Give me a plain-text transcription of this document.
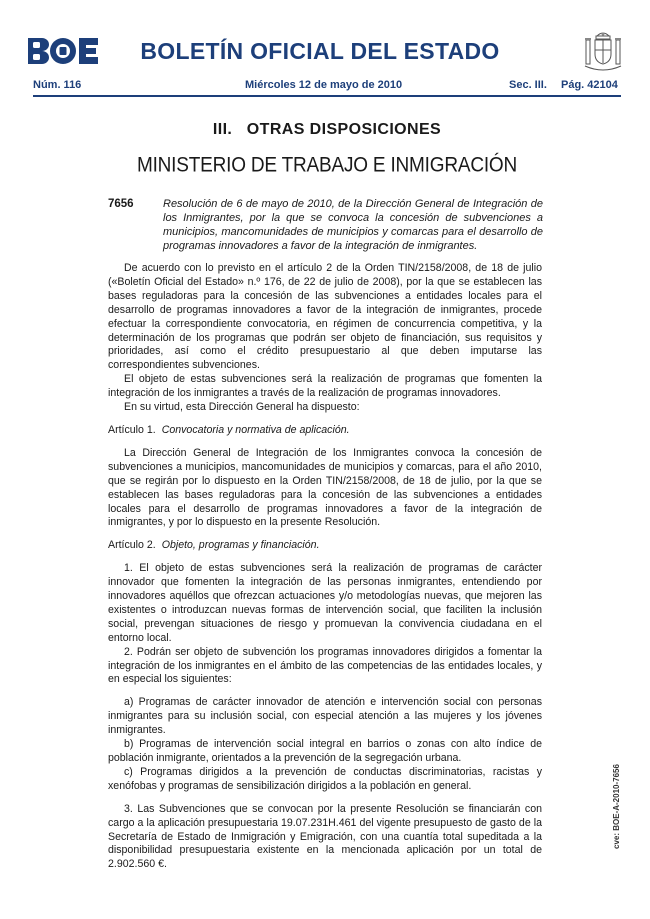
BOLETÍN OFICIAL DEL ESTADO
Núm. 116	Miércoles 12 de mayo de 2010	Sec. III. Pág. 42104
III.   OTRAS DISPOSICIONES
MINISTERIO DE TRABAJO E INMIGRACIÓN
7656	Resolución de 6 de mayo de 2010, de la Dirección General de Integración de los Inmigrantes, por la que se convoca la concesión de subvenciones a municipios, mancomunidades de municipios y comarcas para el desarrollo de programas innovadores a favor de la integración de inmigrantes.

De acuerdo con lo previsto en el artículo 2 de la Orden TIN/2158/2008, de 18 de julio («Boletín Oficial del Estado» n.º 176, de 22 de julio de 2008), por la que se establecen las bases reguladoras para la concesión de las subvenciones a entidades locales para el desarrollo de programas innovadores a favor de la integración de inmigrantes, procede efectuar la correspondiente convocatoria, en régimen de concurrencia competitiva, y la determinación de los programas que podrán ser objeto de financiación, sus requisitos y prioridades, así como el crédito presupuestario al que deben imputarse las correspondientes subvenciones.

El objeto de estas subvenciones será la realización de programas que fomenten la integración de los inmigrantes a través de la realización de programas innovadores.

En su virtud, esta Dirección General ha dispuesto:

Artículo 1. Convocatoria y normativa de aplicación.

La Dirección General de Integración de los Inmigrantes convoca la concesión de subvenciones a municipios, mancomunidades de municipios y comarcas, para el año 2010, que se regirán por lo dispuesto en la Orden TIN/2158/2008, de 18 de julio, por la que se establecen las bases reguladoras para la concesión de las subvenciones a entidades locales para el desarrollo de programas innovadores a favor de la integración de inmigrantes, y por lo dispuesto en la presente Resolución.

Artículo 2. Objeto, programas y financiación.

1. El objeto de estas subvenciones será la realización de programas de carácter innovador que fomenten la integración de las personas inmigrantes, entendiendo por innovadores aquéllos que ofrezcan actuaciones y/o metodologías nuevas, que mejoren las existentes o introduzcan nuevas formas de intervención social, que faciliten la inclusión social, prevengan situaciones de riesgo y promuevan la convivencia ciudadana en el entorno local.

2. Podrán ser objeto de subvención los programas innovadores dirigidos a fomentar la integración de los inmigrantes en el ámbito de las competencias de las entidades locales, y en especial los siguientes:

a) Programas de carácter innovador de atención e intervención social con personas inmigrantes para su inclusión social, con especial atención a las mujeres y los jóvenes inmigrantes.

b) Programas de intervención social integral en barrios o zonas con alto índice de población inmigrante, orientados a la prevención de la segregación urbana.

c) Programas dirigidos a la prevención de conductas discriminatorias, racistas y xenófobas y programas de sensibilización dirigidos a la población en general.

3. Las Subvenciones que se convocan por la presente Resolución se financiarán con cargo a la aplicación presupuestaria 19.07.231H.461 del vigente presupuesto de gasto de la Secretaría de Estado de Inmigración y Emigración, con una cuantía total supeditada a la disponibilidad presupuestaria existente en la mencionada aplicación por un total de 2.902.560 €.

cve: BOE-A-2010-7656
